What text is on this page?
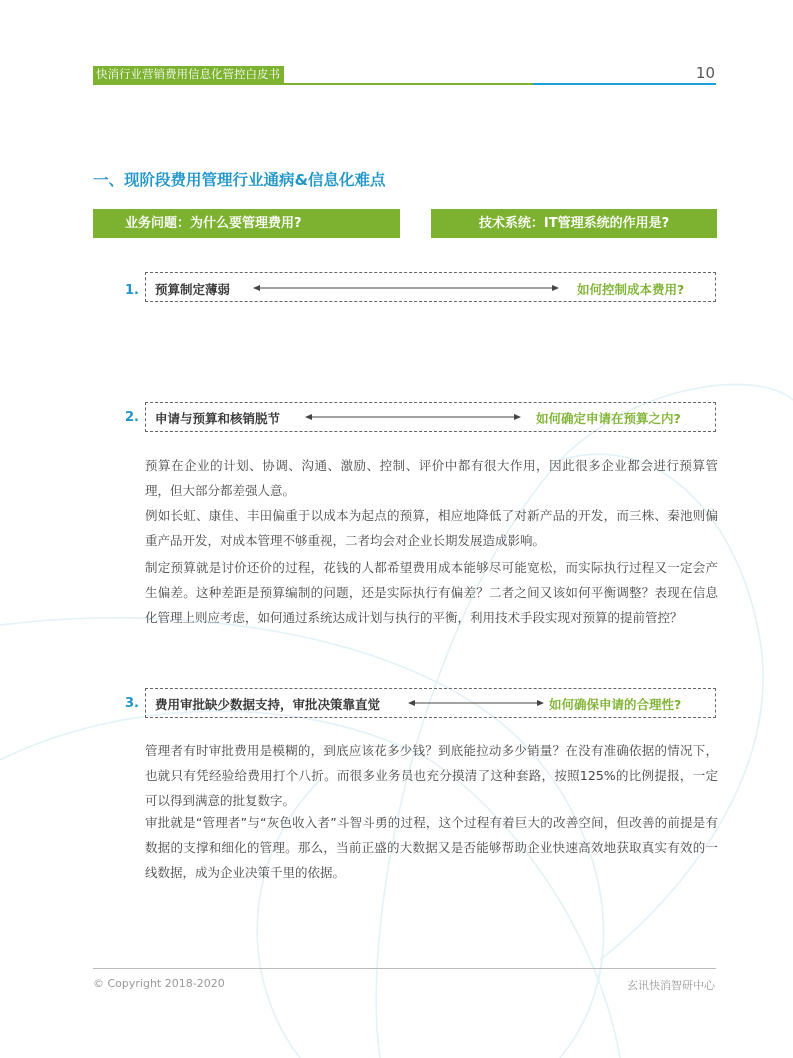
快消行业营销费用信息化管控白皮书	10
一、现阶段费用管理行业通病&信息化难点
业务问题：为什么要管理费用?	技术系统：IT管理系统的作用是?
1. 预算制定薄弱	如何控制成本费用?
2. 申请与预算和核销脱节	如何确定申请在预算之内?

预算在企业的计划、协调、沟通、激励、控制、评价中都有很大作用，因此很多企业都会进行预算管理，但大部分都差强人意。

例如长虹、康佳、丰田偏重于以成本为起点的预算，相应地降低了对新产品的开发，而三株、秦池则偏重产品开发，对成本管理不够重视，二者均会对企业长期发展造成影响。

制定预算就是讨价还价的过程，花钱的人都希望费用成本能够尽可能宽松，而实际执行过程又一定会产生偏差。这种差距是预算编制的问题，还是实际执行有偏差？二者之间又该如何平衡调整？表现在信息化管理上则应考虑，如何通过系统达成计划与执行的平衡，利用技术手段实现对预算的提前管控？

3. 费用审批缺少数据支持，审批决策靠直觉	如何确保申请的合理性?

管理者有时审批费用是模糊的，到底应该花多少钱？到底能拉动多少销量？在没有准确依据的情况下，也就只有凭经验给费用打个八折。而很多业务员也充分摸清了这种套路，按照125%的比例提报，一定可以得到满意的批复数字。

审批就是“管理者”与“灰色收入者”斗智斗勇的过程，这个过程有着巨大的改善空间，但改善的前提是有数据的支撑和细化的管理。那么，当前正盛的大数据又是否能够帮助企业快速高效地获取真实有效的一线数据，成为企业决策千里的依据。

© Copyright 2018-2020	玄讯快消智研中心
